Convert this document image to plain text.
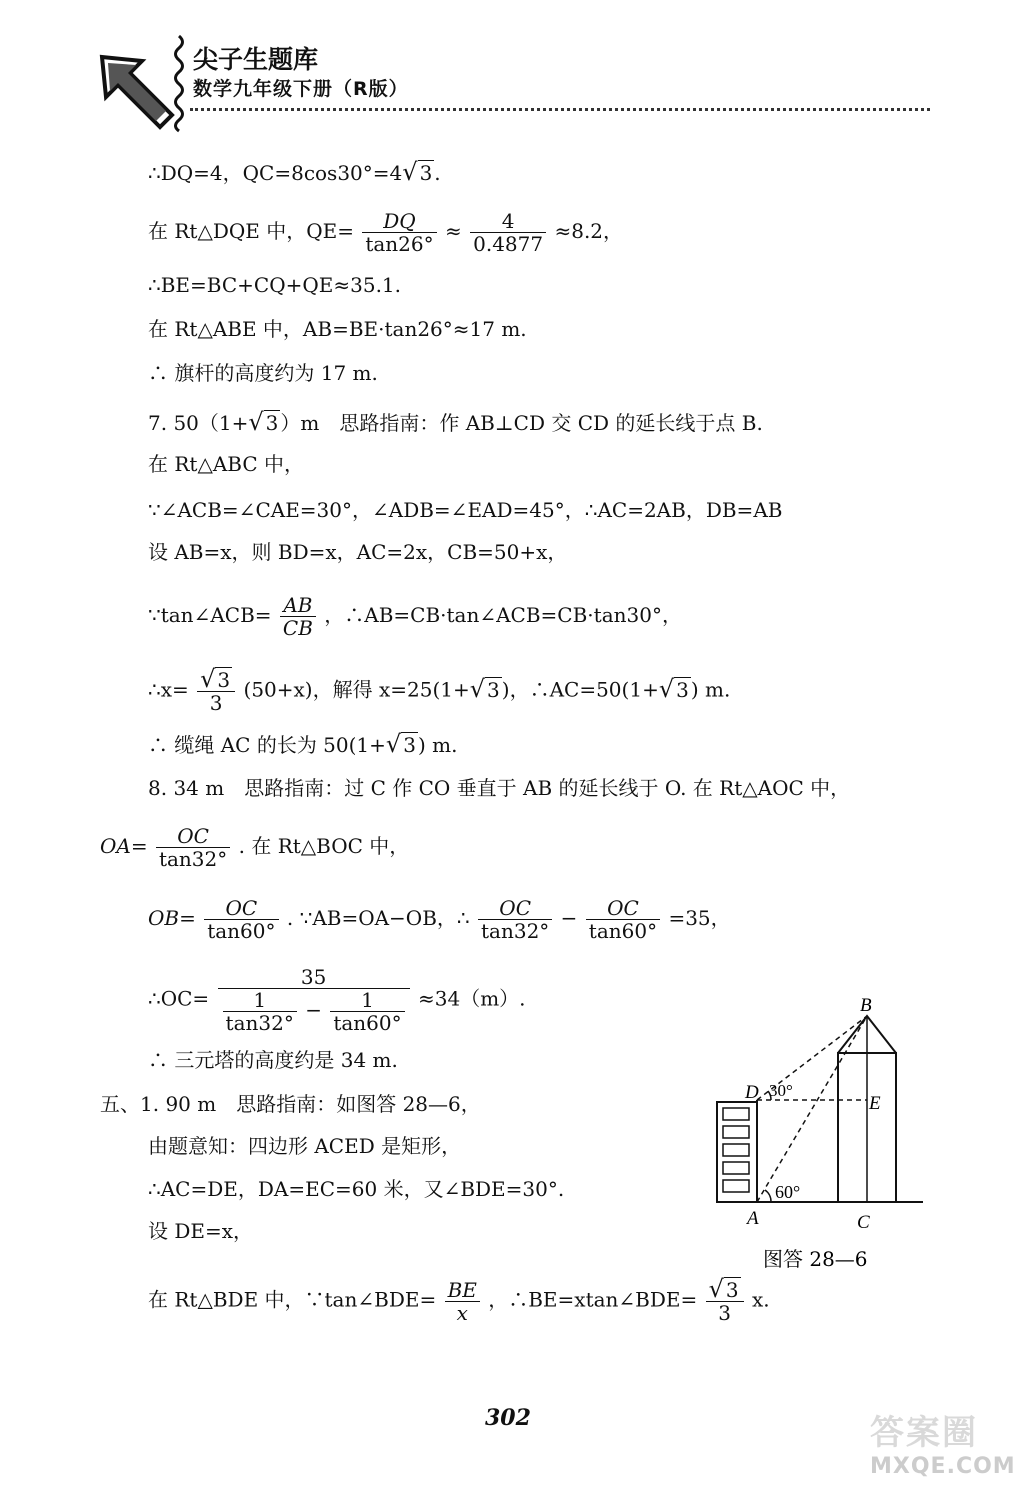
尖子生题库
数学九年级下册（R版）
∴DQ=4，QC=8cos30°=4√ 3 .
在 Rt△DQE 中，$QE= \frac{DQ}{\tan 26^\circ} \approx \frac{4}{0.4877} \approx 8.2$，
∴BE=BC+CQ+QE≈35.1.
在 Rt△ABE 中，AB=BE·tan26°≈17 m.
∴ 旗杆的高度约为 17 m.
7. 50（1+√ 3 ）m　思路指南：作 AB⊥CD 交 CD 的延长线于点 B.
在 Rt△ABC 中，
∵∠ACB=∠CAE=30°，∠ADB=∠EAD=45°，∴AC=2AB，DB=AB
设 AB=x，则 BD=x，AC=2x，CB=50+x，
∵tan∠ACB= $\frac{AB}{CB}$ ，∴AB=CB·tan∠ACB=CB·tan30°，
∴x= $\frac{√ 3}{3} (50+x)$，解得 x=25(1+√ 3 )，∴AC=50(1+√ 3 ) m.
∴ 缆绳 AC 的长为 50(1+√ 3 ) m.
8. 34 m　思路指南：过 C 作 CO 垂直于 AB 的延长线于 O. 在 Rt△AOC 中，
$OA= \frac{OC}{\tan 32^\circ}$ . 在 Rt△BOC 中，
$OB= \frac{OC}{\tan 60^\circ}$ . ∵AB=OA−OB，∴ $\frac{OC}{\tan 32^\circ} - \frac{OC}{\tan 60^\circ} =35$，
∴OC= $\frac{35}{\frac{1}{\tan 32^\circ} - \frac{1}{\tan 60^\circ}} \approx 34(m)$.
∴ 三元塔的高度约是 34 m.
五、1. 90 m　思路指南：如图答 28—6，
由题意知：四边形 ACED 是矩形，
∴AC=DE，DA=EC=60 米，又∠BDE=30°.
设 DE=x，
在 Rt△BDE 中，∵tan∠BDE= $\frac{BE}{x}$ ，∴BE=xtan∠BDE= $\frac{√ 3}{3} x$.
B
D 30°
E
60°
A	C
图答 28—6
302	答案圈
MXQE.COM
